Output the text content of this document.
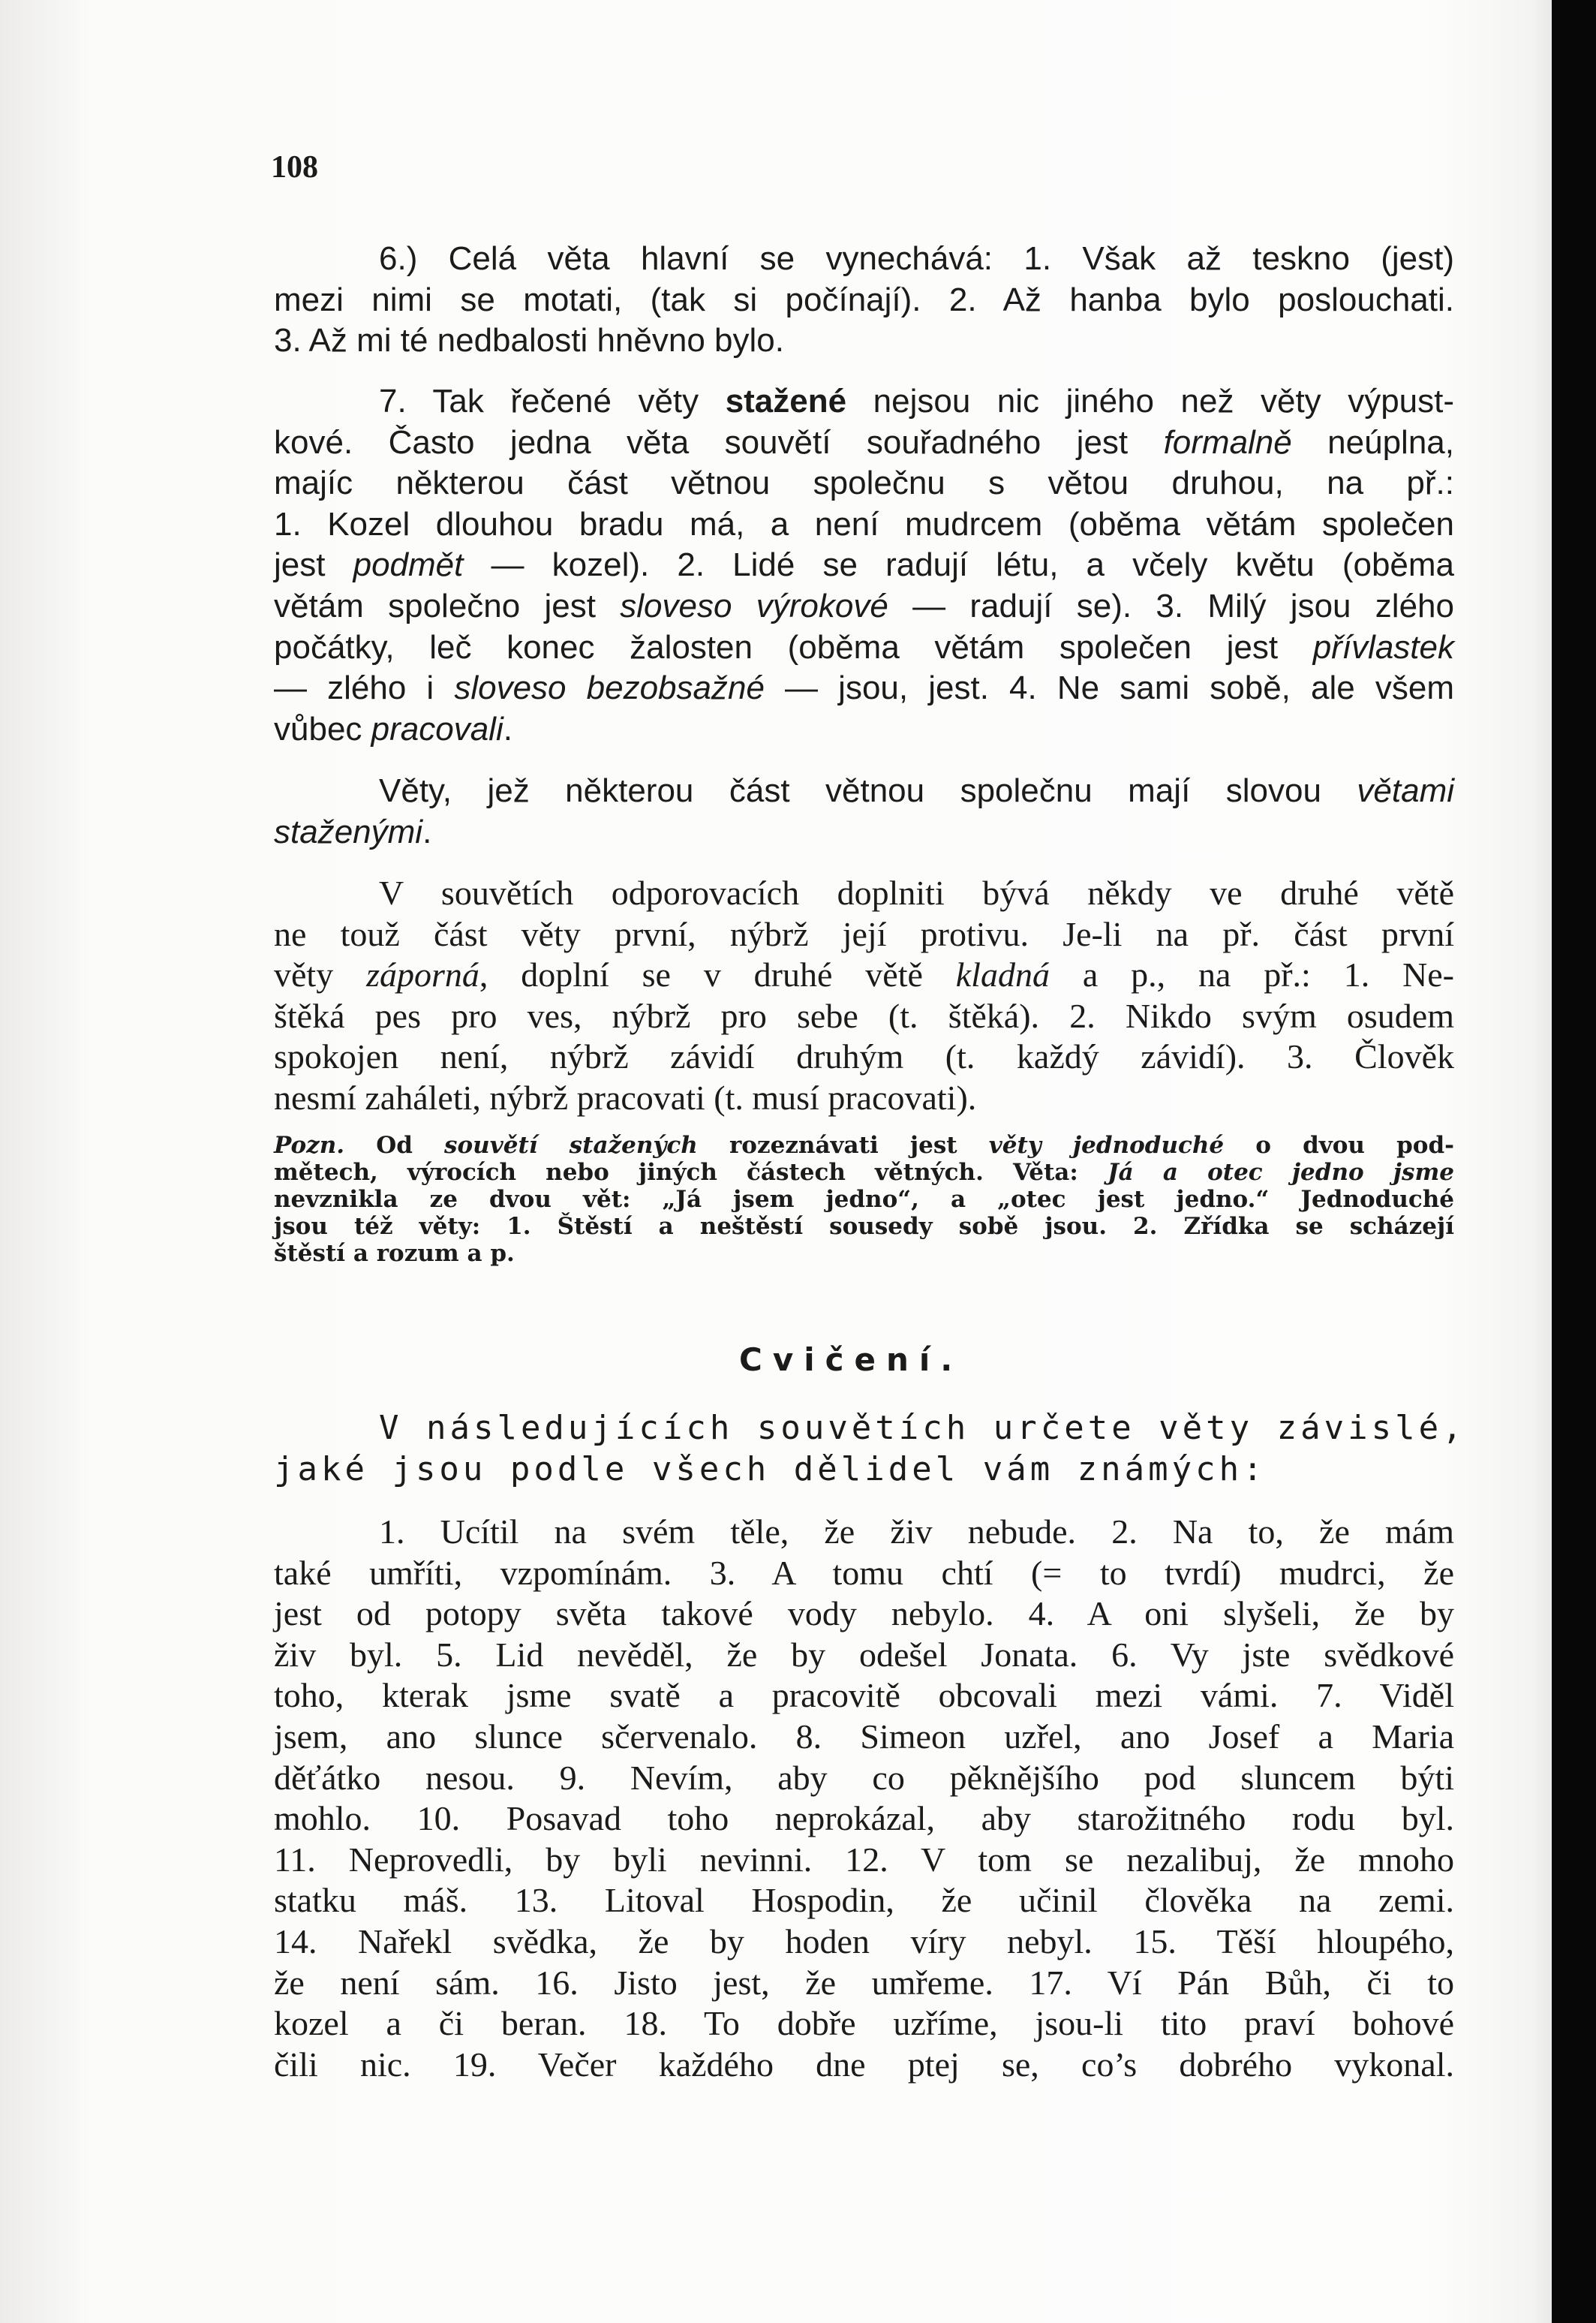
108
6.) Celá věta hlavní se vynechává: 1. Však až teskno (jest)
mezi nimi se motati, (tak si počínají). 2. Až hanba bylo poslouchati.
3. Až mi té nedbalosti hněvno bylo.
7. Tak řečené věty stažené nejsou nic jiného než věty výpust-
kové. Často jedna věta souvětí souřadného jest formalně neúplna,
majíc některou část větnou společnu s větou druhou, na př.:
1. Kozel dlouhou bradu má, a není mudrcem (oběma větám společen
jest podmět — kozel). 2. Lidé se radují létu, a včely květu (oběma
větám společno jest sloveso výrokové — radují se). 3. Milý jsou zlého
počátky, leč konec žalosten (oběma větám společen jest přívlastek
— zlého i sloveso bezobsažné — jsou, jest. 4. Ne sami sobě, ale všem
vůbec pracovali.
Věty, jež některou část větnou společnu mají slovou větami
staženými.
V souvětích odporovacích doplniti bývá někdy ve druhé větě
ne touž část věty první, nýbrž její protivu. Je-li na př. část první
věty záporná, doplní se v druhé větě kladná a p., na př.: 1. Ne-
štěká pes pro ves, nýbrž pro sebe (t. štěká). 2. Nikdo svým osudem
spokojen není, nýbrž závidí druhým (t. každý závidí). 3. Člověk
nesmí zaháleti, nýbrž pracovati (t. musí pracovati).
Pozn. Od souvětí stažených rozeznávati jest věty jednoduché o dvou pod-
mětech, výrocích nebo jiných částech větných. Věta: Já a otec jedno jsme
nevznikla ze dvou vět: „Já jsem jedno“, a „otec jest jedno.“ Jednoduché
jsou též věty: 1. Štěstí a neštěstí sousedy sobě jsou. 2. Zřídka se scházejí
štěstí a rozum a p.
Cvičení.
V následujících souvětích určete věty závislé,
jaké jsou podle všech dělidel vám známých:
1. Ucítil na svém těle, že živ nebude. 2. Na to, že mám
také umříti, vzpomínám. 3. A tomu chtí (= to tvrdí) mudrci, že
jest od potopy světa takové vody nebylo. 4. A oni slyšeli, že by
živ byl. 5. Lid nevěděl, že by odešel Jonata. 6. Vy jste svědkové
toho, kterak jsme svatě a pracovitě obcovali mezi vámi. 7. Viděl
jsem, ano slunce sčervenalo. 8. Simeon uzřel, ano Josef a Maria
děťátko nesou. 9. Nevím, aby co pěknějšího pod sluncem býti
mohlo. 10. Posavad toho neprokázal, aby starožitného rodu byl.
11. Neprovedli, by byli nevinni. 12. V tom se nezalibuj, že mnoho
statku máš. 13. Litoval Hospodin, že učinil člověka na zemi.
14. Nařekl svědka, že by hoden víry nebyl. 15. Těší hloupého,
že není sám. 16. Jisto jest, že umřeme. 17. Ví Pán Bůh, či to
kozel a či beran. 18. To dobře uzříme, jsou-li tito praví bohové
čili nic. 19. Večer každého dne ptej se, co’s dobrého vykonal.
